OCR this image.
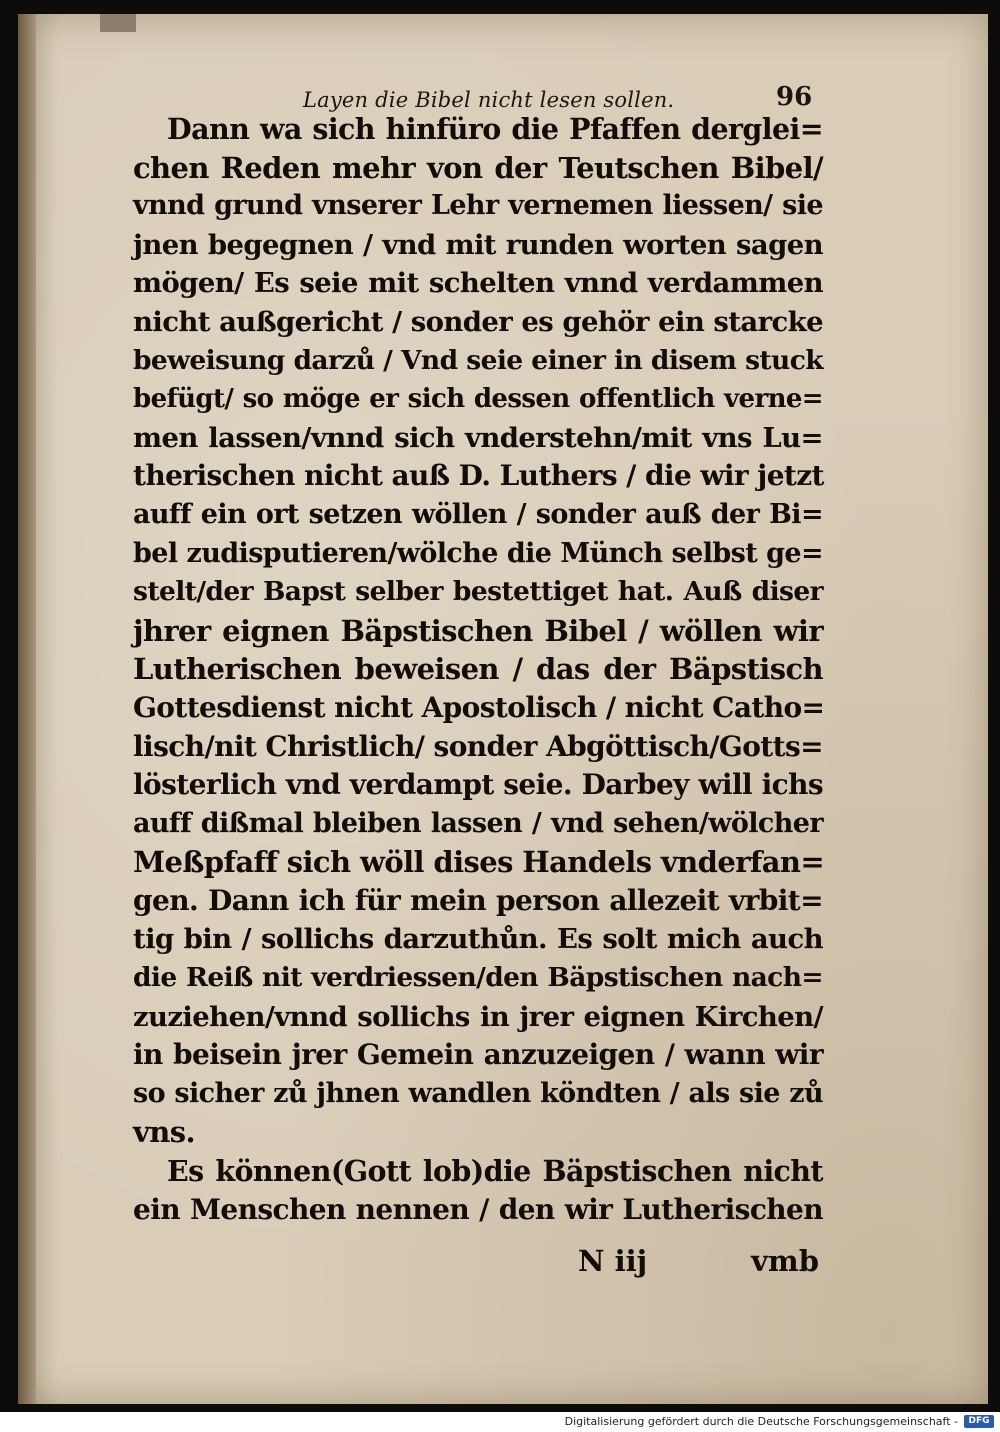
Layen die Bibel nicht lesen sollen.	96
Dann wa sich hinfüro die Pfaffen derglei=
chen Reden mehr von der Teutschen Bibel/
vnnd grund vnserer Lehr vernemen liessen/ sie
jnen begegnen / vnd mit runden worten sagen
mögen/ Es seie mit schelten vnnd verdammen
nicht außgericht / sonder es gehör ein starcke
beweisung darzů / Vnd seie einer in disem stuck
befügt/ so möge er sich dessen offentlich verne=
men lassen/vnnd sich vnderstehn/mit vns Lu=
therischen nicht auß D. Luthers / die wir jetzt
auff ein ort setzen wöllen / sonder auß der Bi=
bel zudisputieren/wölche die Münch selbst ge=
stelt/der Bapst selber bestettiget hat. Auß diser
jhrer eignen Bäpstischen Bibel / wöllen wir
Lutherischen beweisen / das der Bäpstisch
Gottesdienst nicht Apostolisch / nicht Catho=
lisch/nit Christlich/ sonder Abgöttisch/Gotts=
lösterlich vnd verdampt seie. Darbey will ichs
auff dißmal bleiben lassen / vnd sehen/wölcher
Meßpfaff sich wöll dises Handels vnderfan=
gen. Dann ich für mein person allezeit vrbit=
tig bin / sollichs darzuthůn. Es solt mich auch
die Reiß nit verdriessen/den Bäpstischen nach=
zuziehen/vnnd sollichs in jrer eignen Kirchen/
in beisein jrer Gemein anzuzeigen / wann wir
so sicher zů jhnen wandlen köndten / als sie zů
vns.
Es können(Gott lob)die Bäpstischen nicht
ein Menschen nennen / den wir Lutherischen
N iij	vmb
Digitalisierung gefördert durch die Deutsche Forschungsgemeinschaft -	DFG
